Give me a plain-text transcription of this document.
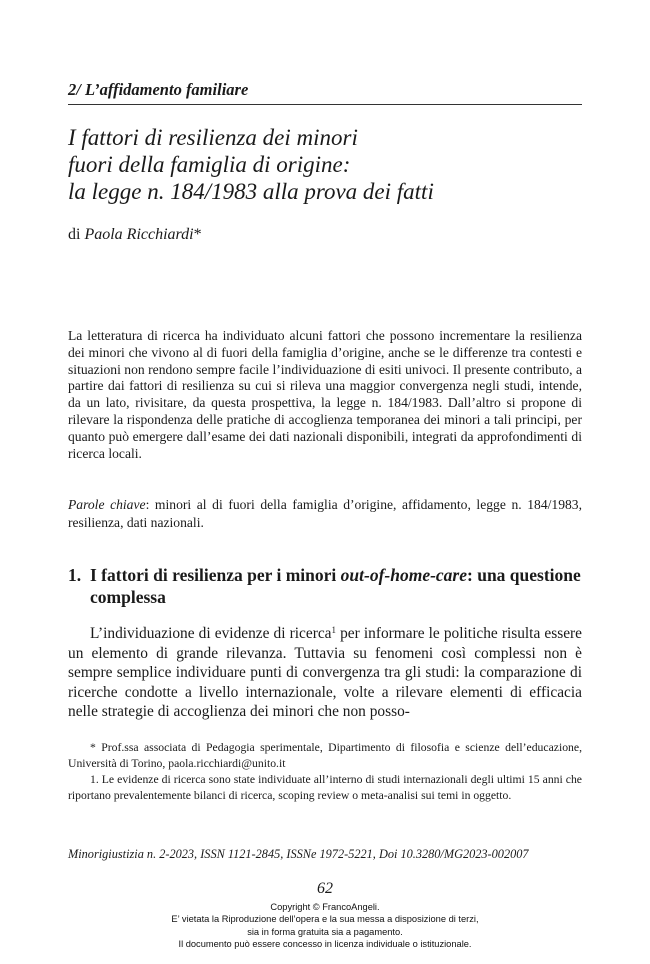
2/ L’affidamento familiare
I fattori di resilienza dei minori
fuori della famiglia di origine:
la legge n. 184/1983 alla prova dei fatti
di Paola Ricchiardi*
La letteratura di ricerca ha individuato alcuni fattori che possono incrementare la resilienza dei minori che vivono al di fuori della famiglia d’origine, anche se le differenze tra contesti e situazioni non rendono sempre facile l’individuazione di esiti univoci. Il presente contributo, a partire dai fattori di resilienza su cui si rileva una maggior convergenza negli studi, intende, da un lato, rivisitare, da questa prospettiva, la legge n. 184/1983. Dall’altro si propone di rilevare la rispondenza delle pratiche di accoglienza temporanea dei minori a tali principi, per quanto può emergere dall’esame dei dati nazionali disponibili, integrati da approfondimenti di ricerca locali.
Parole chiave: minori al di fuori della famiglia d’origine, affidamento, legge n. 184/1983, resilienza, dati nazionali.
1. I fattori di resilienza per i minori out-of-home-care: una questione complessa
L’individuazione di evidenze di ricerca$^1$ per informare le politiche risulta essere un elemento di grande rilevanza. Tuttavia su fenomeni così complessi non è sempre semplice individuare punti di convergenza tra gli studi: la comparazione di ricerche condotte a livello internazionale, volte a rilevare elementi di efficacia nelle strategie di accoglienza dei minori che non posso-
* Prof.ssa associata di Pedagogia sperimentale, Dipartimento di filosofia e scienze dell’educazione, Università di Torino, paola.ricchiardi@unito.it
1. Le evidenze di ricerca sono state individuate all’interno di studi internazionali degli ultimi 15 anni che riportano prevalentemente bilanci di ricerca, scoping review o meta-analisi sui temi in oggetto.
Minorigiustizia n. 2-2023, ISSN 1121-2845, ISSNe 1972-5221, Doi 10.3280/MG2023-002007
62
Copyright © FrancoAngeli.
E’ vietata la Riproduzione dell’opera e la sua messa a disposizione di terzi,
sia in forma gratuita sia a pagamento.
Il documento può essere concesso in licenza individuale o istituzionale.
